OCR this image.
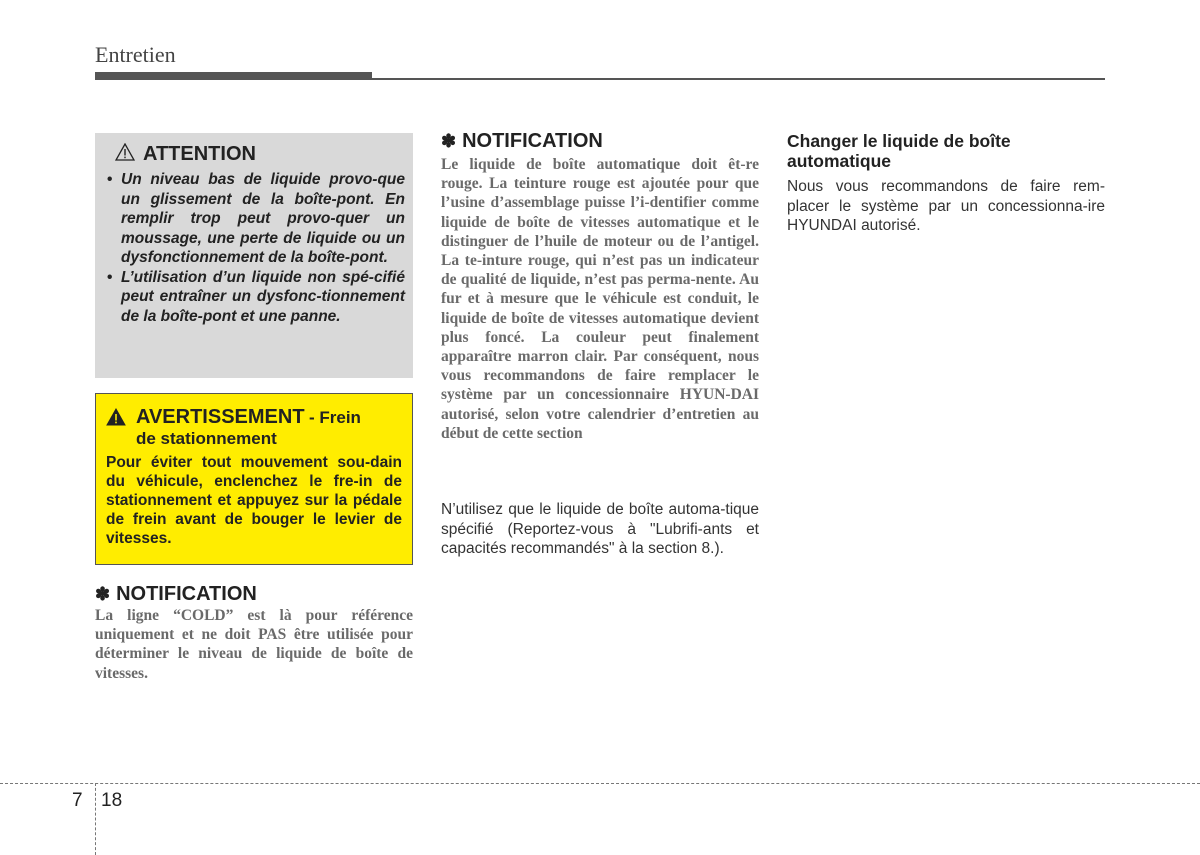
Entretien
ATTENTION
• Un niveau bas de liquide provo-que un glissement de la boîte-pont. En remplir trop peut provo-quer un moussage, une perte de liquide ou un dysfonctionnement de la boîte-pont.
• L’utilisation d’un liquide non spé-cifié peut entraîner un dysfonc-tionnement de la boîte-pont et une panne.
AVERTISSEMENT - Frein
de stationnement
Pour éviter tout mouvement sou-dain du véhicule, enclenchez le fre-in de stationnement et appuyez sur la pédale de frein avant de bouger le levier de vitesses.
✽ NOTIFICATION
La ligne “COLD” est là pour référence uniquement et ne doit PAS être utilisée pour déterminer le niveau de liquide de boîte de vitesses.
✽ NOTIFICATION
Le liquide de boîte automatique doit êt-re rouge. La teinture rouge est ajoutée pour que l’usine d’assemblage puisse l’i-dentifier comme liquide de boîte de vitesses automatique et le distinguer de l’huile de moteur ou de l’antigel. La te-inture rouge, qui n’est pas un indicateur de qualité de liquide, n’est pas perma-nente. Au fur et à mesure que le véhicule est conduit, le liquide de boîte de vitesses automatique devient plus foncé. La couleur peut finalement apparaître marron clair. Par conséquent, nous vous recommandons de faire remplacer le système par un concessionnaire HYUN-DAI autorisé, selon votre calendrier d’entretien au début de cette section
N’utilisez que le liquide de boîte automa-tique spécifié (Reportez-vous à "Lubrifi-ants et capacités recommandés" à la section 8.).
Changer le liquide de boîte automatique
Nous vous recommandons de faire rem-placer le système par un concessionna-ire HYUNDAI autorisé.
7 18
